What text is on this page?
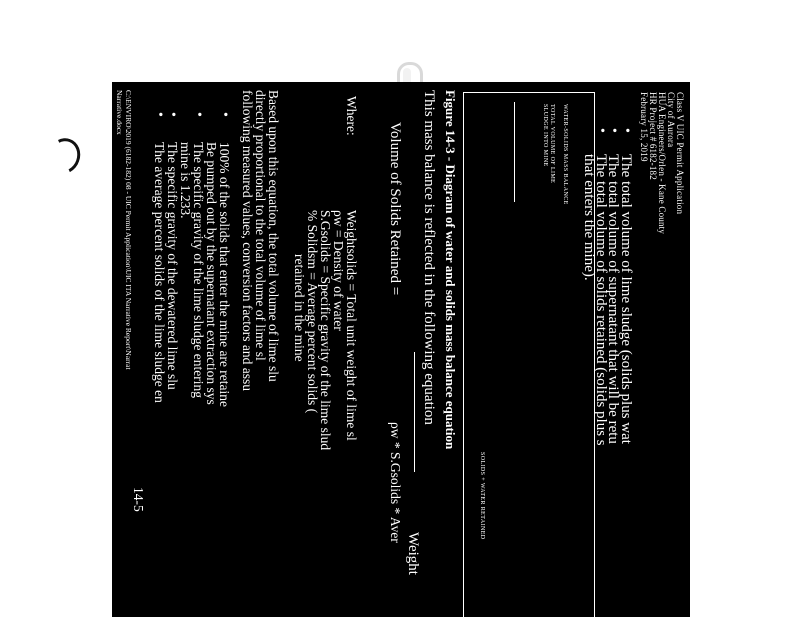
Class V UIC Permit Application
City of Aurora
HUA Engineers/Orlen - Kane County
HR Project # 6182-182
February 15, 2019
•
The total volume of lime sludge (solids plus wat
•
The total volume of supernatant that will be retu
•
The total volume of solids retained (solids plus s
that enters the mine).
WATER-SOLIDS MASS BALANCE
TOTAL VOLUME OF LIME
SLUDGE INTO MINE
SOLIDS + WATER RETAINED
Figure 14-3 - Diagram of water and solids mass balance equation
This mass balance is reflected in the following equation
Volume of Solids Retained =
Weight
ρw * S.Gsolids * Aver
Where:
Weightsolids = Total unit weight of lime sl
ρw = Density of water
S.Gsolids = Specific gravity of the lime slud
% Solidsm = Average percent solids (
retained in the mine
Based upon this equation, the total volume of lime slu
directly proportional to the total volume of lime sl
following measured values, conversion factors and assu
•
100% of the solids that enter the mine are retaine
Be pumped out by the supernatant extraction sys
•
The specific gravity of the lime sludge entering
mine is 1.233.
•
The specific gravity of the dewatered lime slu
•
The average percent solids of the lime sludge en
14-5
C:\ENVIRO\2019 (6182-182) 08 - UIC Permit Application\UIC ITA Narrative Report\Narrat
Narrative.docx
